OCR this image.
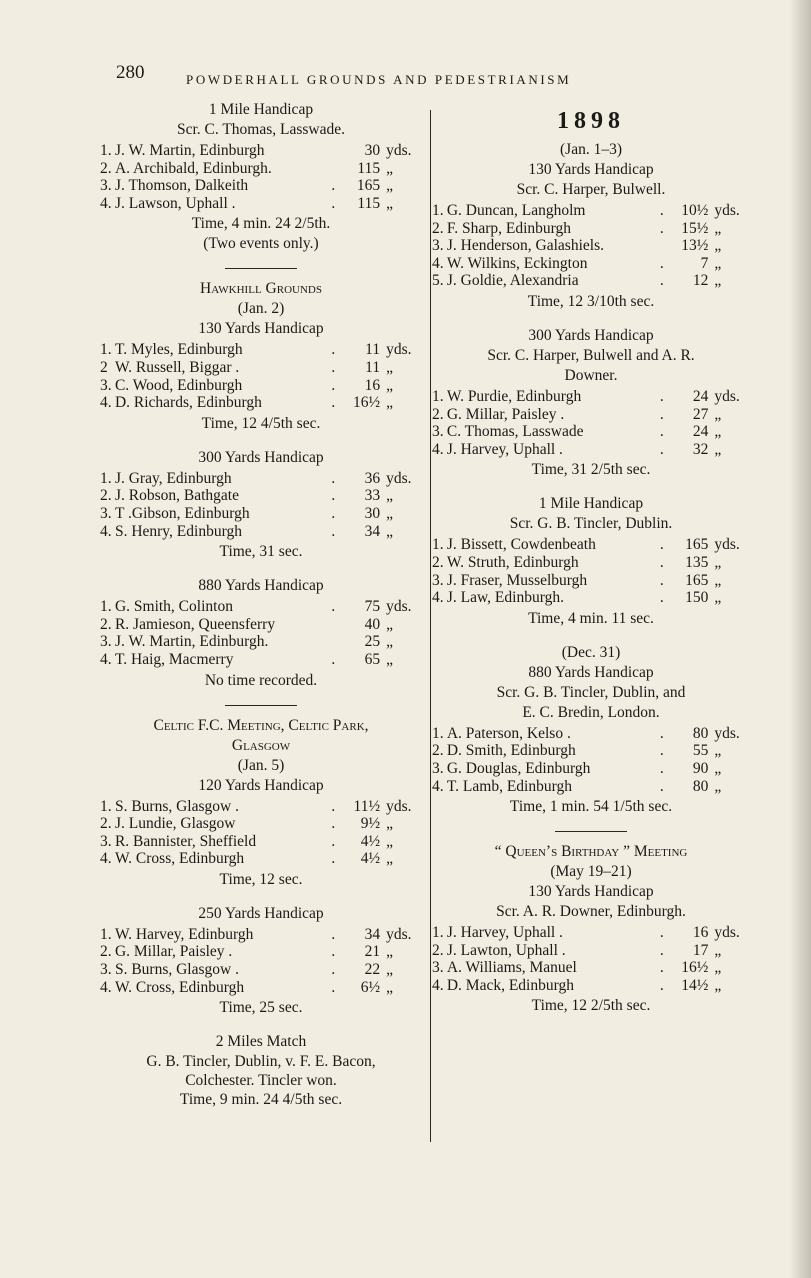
280	POWDERHALL GROUNDS AND PEDESTRIANISM
1 Mile Handicap
Scr. C. Thomas, Lasswade.
1. J. W. Martin, Edinburgh	30 yds.
2. A. Archibald, Edinburgh.	115 „
3. J. Thomson, Dalkeith	.	165 „
4. J. Lawson, Uphall .	.	115 „
Time, 4 min. 24 2/5th.
(Two events only.)
Hawkhill Grounds
(Jan. 2)
130 Yards Handicap
1. T. Myles, Edinburgh	.	11 yds.
2 W. Russell, Biggar .	.	11 „
3. C. Wood, Edinburgh	.	16 „
4. D. Richards, Edinburgh	.	16½ „
Time, 12 4/5th sec.
300 Yards Handicap
1. J. Gray, Edinburgh	.	36 yds.
2. J. Robson, Bathgate	.	33 „
3. T .Gibson, Edinburgh	.	30 „
4. S. Henry, Edinburgh	.	34 „
Time, 31 sec.
880 Yards Handicap
1. G. Smith, Colinton	.	75 yds.
2. R. Jamieson, Queensferry	40 „
3. J. W. Martin, Edinburgh.	25 „
4. T. Haig, Macmerry	.	65 „
No time recorded.
Celtic F.C. Meeting, Celtic Park,
Glasgow
(Jan. 5)
120 Yards Handicap
1. S. Burns, Glasgow .	.	11½ yds.
2. J. Lundie, Glasgow	.	9½ „
3. R. Bannister, Sheffield	.	4½ „
4. W. Cross, Edinburgh	.	4½ „
Time, 12 sec.
250 Yards Handicap
1. W. Harvey, Edinburgh	.	34 yds.
2. G. Millar, Paisley .	.	21 „
3. S. Burns, Glasgow .	.	22 „
4. W. Cross, Edinburgh	.	6½ „
Time, 25 sec.
2 Miles Match
G. B. Tincler, Dublin, v. F. E. Bacon,
Colchester. Tincler won.
Time, 9 min. 24 4/5th sec.
1898
(Jan. 1–3)
130 Yards Handicap
Scr. C. Harper, Bulwell.
1. G. Duncan, Langholm	.	10½ yds.
2. F. Sharp, Edinburgh	.	15½ „
3. J. Henderson, Galashiels.	13½ „
4. W. Wilkins, Eckington	.	7 „
5. J. Goldie, Alexandria	.	12 „
Time, 12 3/10th sec.
300 Yards Handicap
Scr. C. Harper, Bulwell and A. R.
Downer.
1. W. Purdie, Edinburgh	.	24 yds.
2. G. Millar, Paisley .	.	27 „
3. C. Thomas, Lasswade	.	24 „
4. J. Harvey, Uphall .	.	32 „
Time, 31 2/5th sec.
1 Mile Handicap
Scr. G. B. Tincler, Dublin.
1. J. Bissett, Cowdenbeath	.	165 yds.
2. W. Struth, Edinburgh	.	135 „
3. J. Fraser, Musselburgh	.	165 „
4. J. Law, Edinburgh.	.	150 „
Time, 4 min. 11 sec.
(Dec. 31)
880 Yards Handicap
Scr. G. B. Tincler, Dublin, and
E. C. Bredin, London.
1. A. Paterson, Kelso .	.	80 yds.
2. D. Smith, Edinburgh	.	55 „
3. G. Douglas, Edinburgh	.	90 „
4. T. Lamb, Edinburgh	.	80 „
Time, 1 min. 54 1/5th sec.
“ Queen’s Birthday ” Meeting
(May 19–21)
130 Yards Handicap
Scr. A. R. Downer, Edinburgh.
1. J. Harvey, Uphall .	.	16 yds.
2. J. Lawton, Uphall .	.	17 „
3. A. Williams, Manuel	.	16½ „
4. D. Mack, Edinburgh	.	14½ „
Time, 12 2/5th sec.
